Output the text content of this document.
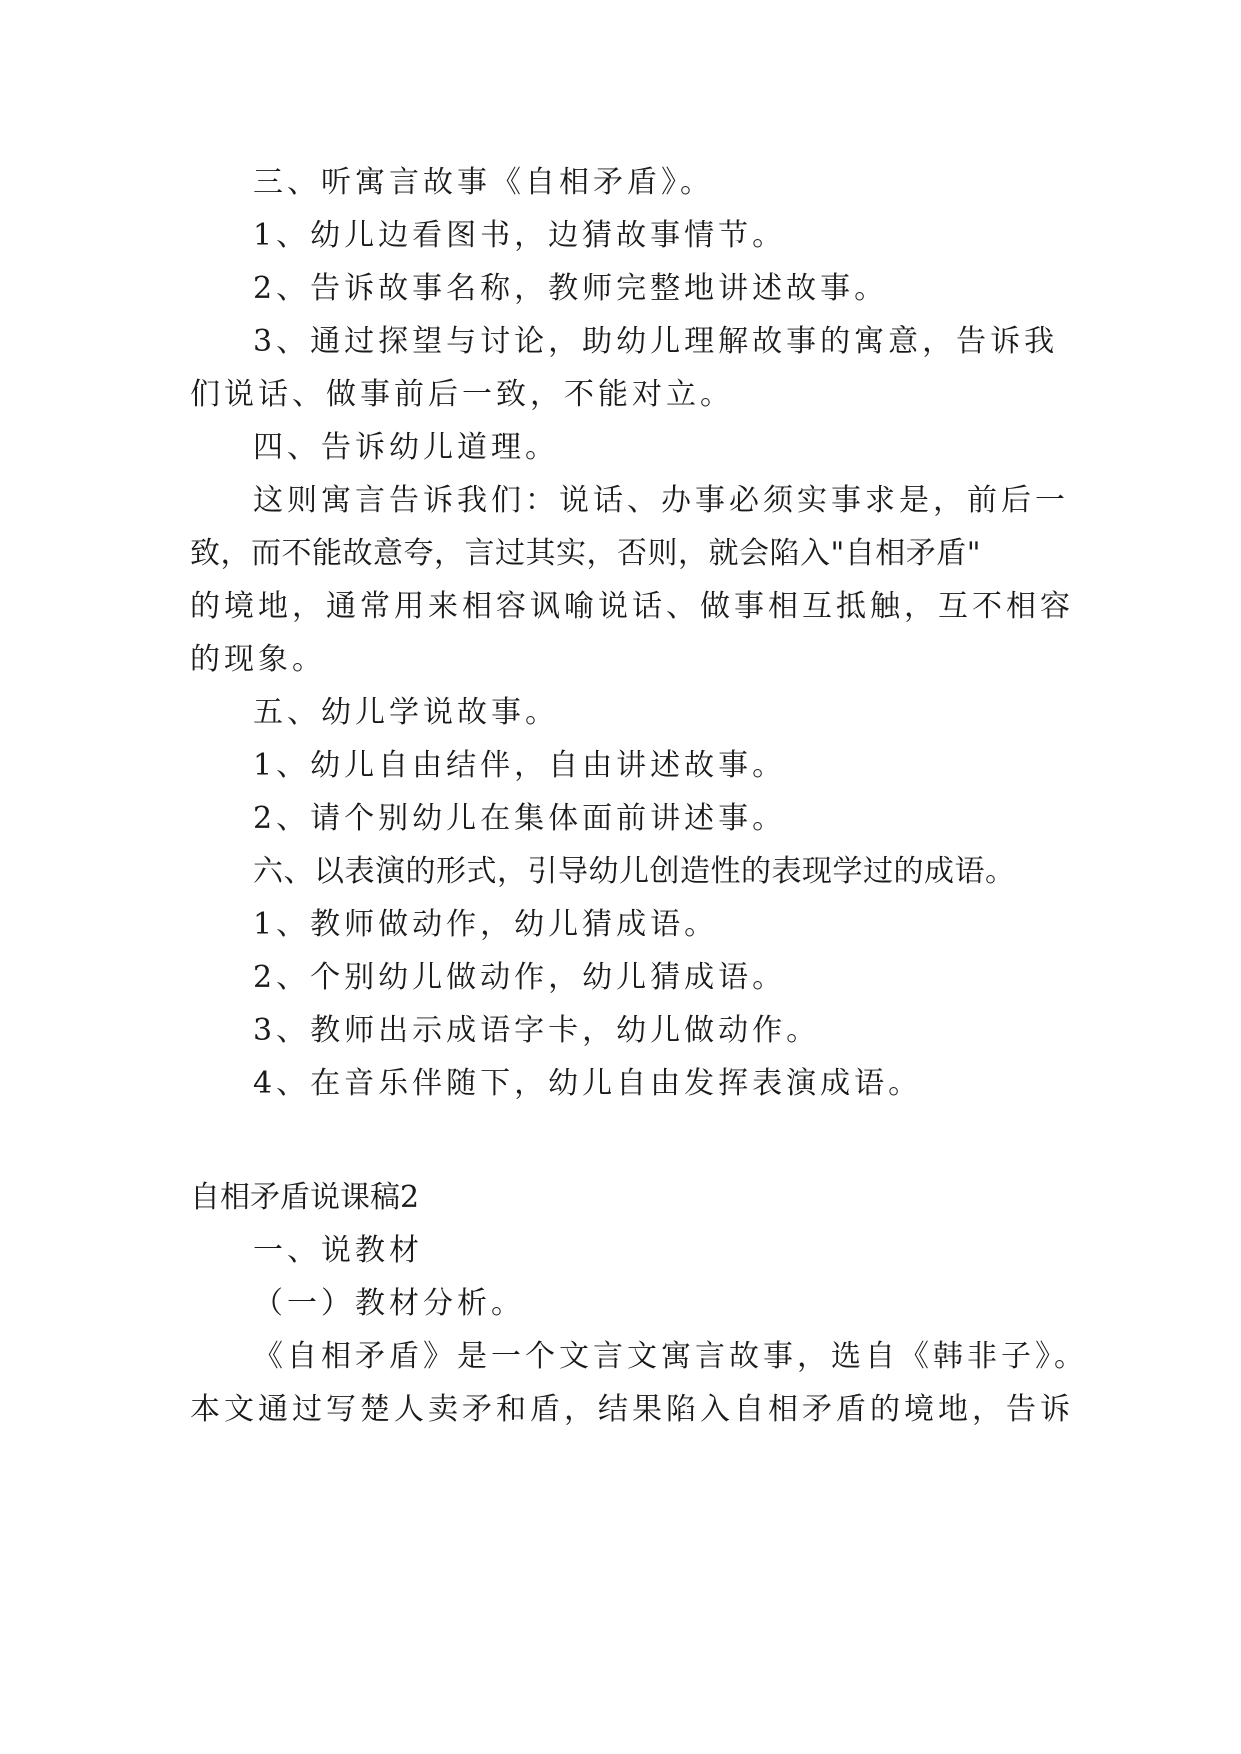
三、听寓言故事《自相矛盾》。
1、幼儿边看图书，边猜故事情节。
2、告诉故事名称，教师完整地讲述故事。
3、通过探望与讨论，助幼儿理解故事的寓意，告诉我
们说话、做事前后一致，不能对立。
四、告诉幼儿道理。
这则寓言告诉我们：说话、办事必须实事求是，前后一
致，而不能故意夸，言过其实，否则，就会陷入"自相矛盾"
的境地，通常用来相容讽喻说话、做事相互抵触，互不相容
的现象。
五、幼儿学说故事。
1、幼儿自由结伴，自由讲述故事。
2、请个别幼儿在集体面前讲述事。
六、以表演的形式，引导幼儿创造性的表现学过的成语。
1、教师做动作，幼儿猜成语。
2、个别幼儿做动作，幼儿猜成语。
3、教师出示成语字卡，幼儿做动作。
4、在音乐伴随下，幼儿自由发挥表演成语。
自相矛盾说课稿2
一、说教材
（一）教材分析。
《自相矛盾》是一个文言文寓言故事，选自《韩非子》。
本文通过写楚人卖矛和盾，结果陷入自相矛盾的境地，告诉
